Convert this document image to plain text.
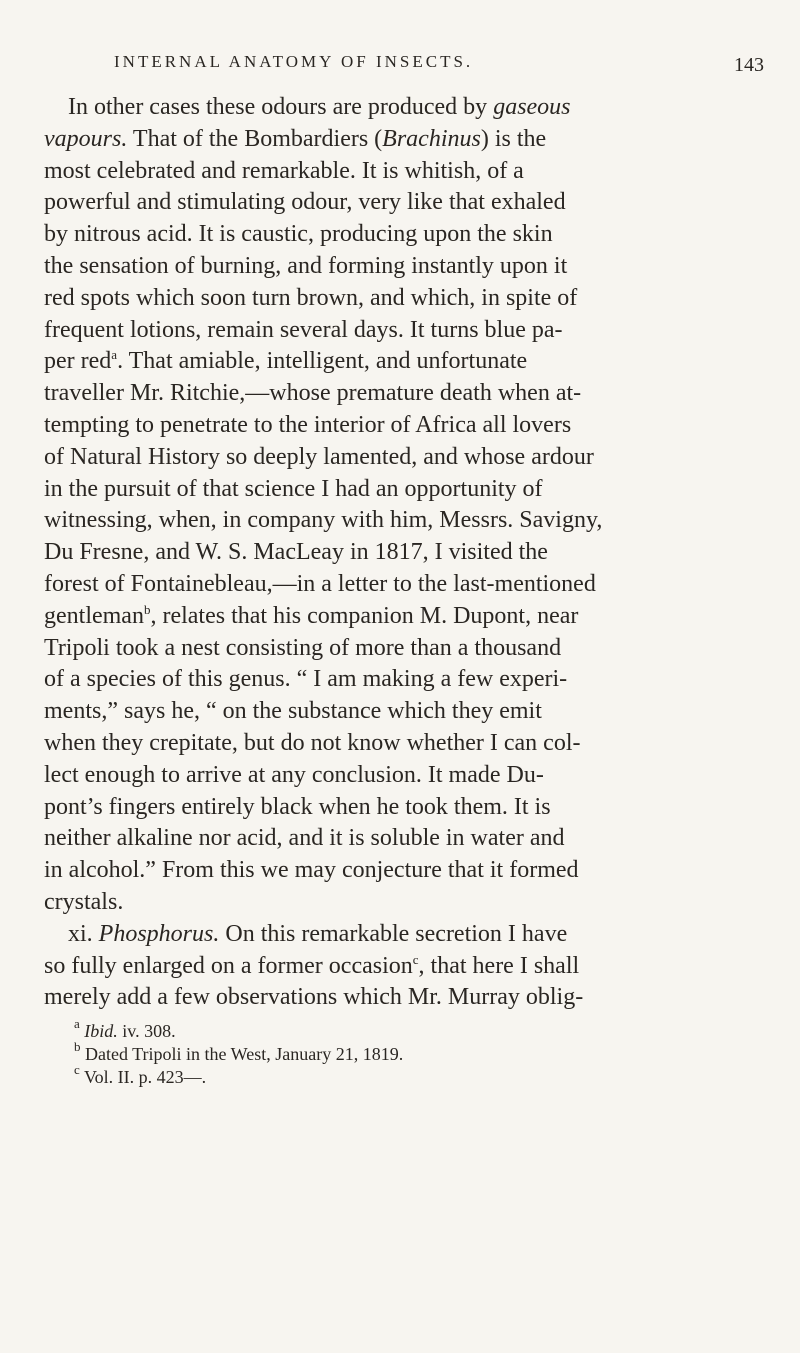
INTERNAL ANATOMY OF INSECTS.	143

In other cases these odours are produced by gaseous
vapours. That of the Bombardiers (Brachinus) is the
most celebrated and remarkable. It is whitish, of a
powerful and stimulating odour, very like that exhaled
by nitrous acid. It is caustic, producing upon the skin
the sensation of burning, and forming instantly upon it
red spots which soon turn brown, and which, in spite of
frequent lotions, remain several days. It turns blue pa-
per red$^a$. That amiable, intelligent, and unfortunate
traveller Mr. Ritchie,—whose premature death when at-
tempting to penetrate to the interior of Africa all lovers
of Natural History so deeply lamented, and whose ardour
in the pursuit of that science I had an opportunity of
witnessing, when, in company with him, Messrs. Savigny,
Du Fresne, and W. S. MacLeay in 1817, I visited the
forest of Fontainebleau,—in a letter to the last-mentioned
gentleman$^b$, relates that his companion M. Dupont, near
Tripoli took a nest consisting of more than a thousand
of a species of this genus. “ I am making a few experi-
ments,” says he, “ on the substance which they emit
when they crepitate, but do not know whether I can col-
lect enough to arrive at any conclusion. It made Du-
pont’s fingers entirely black when he took them. It is
neither alkaline nor acid, and it is soluble in water and
in alcohol.” From this we may conjecture that it formed
crystals.

xi. Phosphorus. On this remarkable secretion I have
so fully enlarged on a former occasion$^c$, that here I shall
merely add a few observations which Mr. Murray oblig-

$^a$ Ibid. iv. 308.
$^b$ Dated Tripoli in the West, January 21, 1819.
$^c$ Vol. II. p. 423—.
